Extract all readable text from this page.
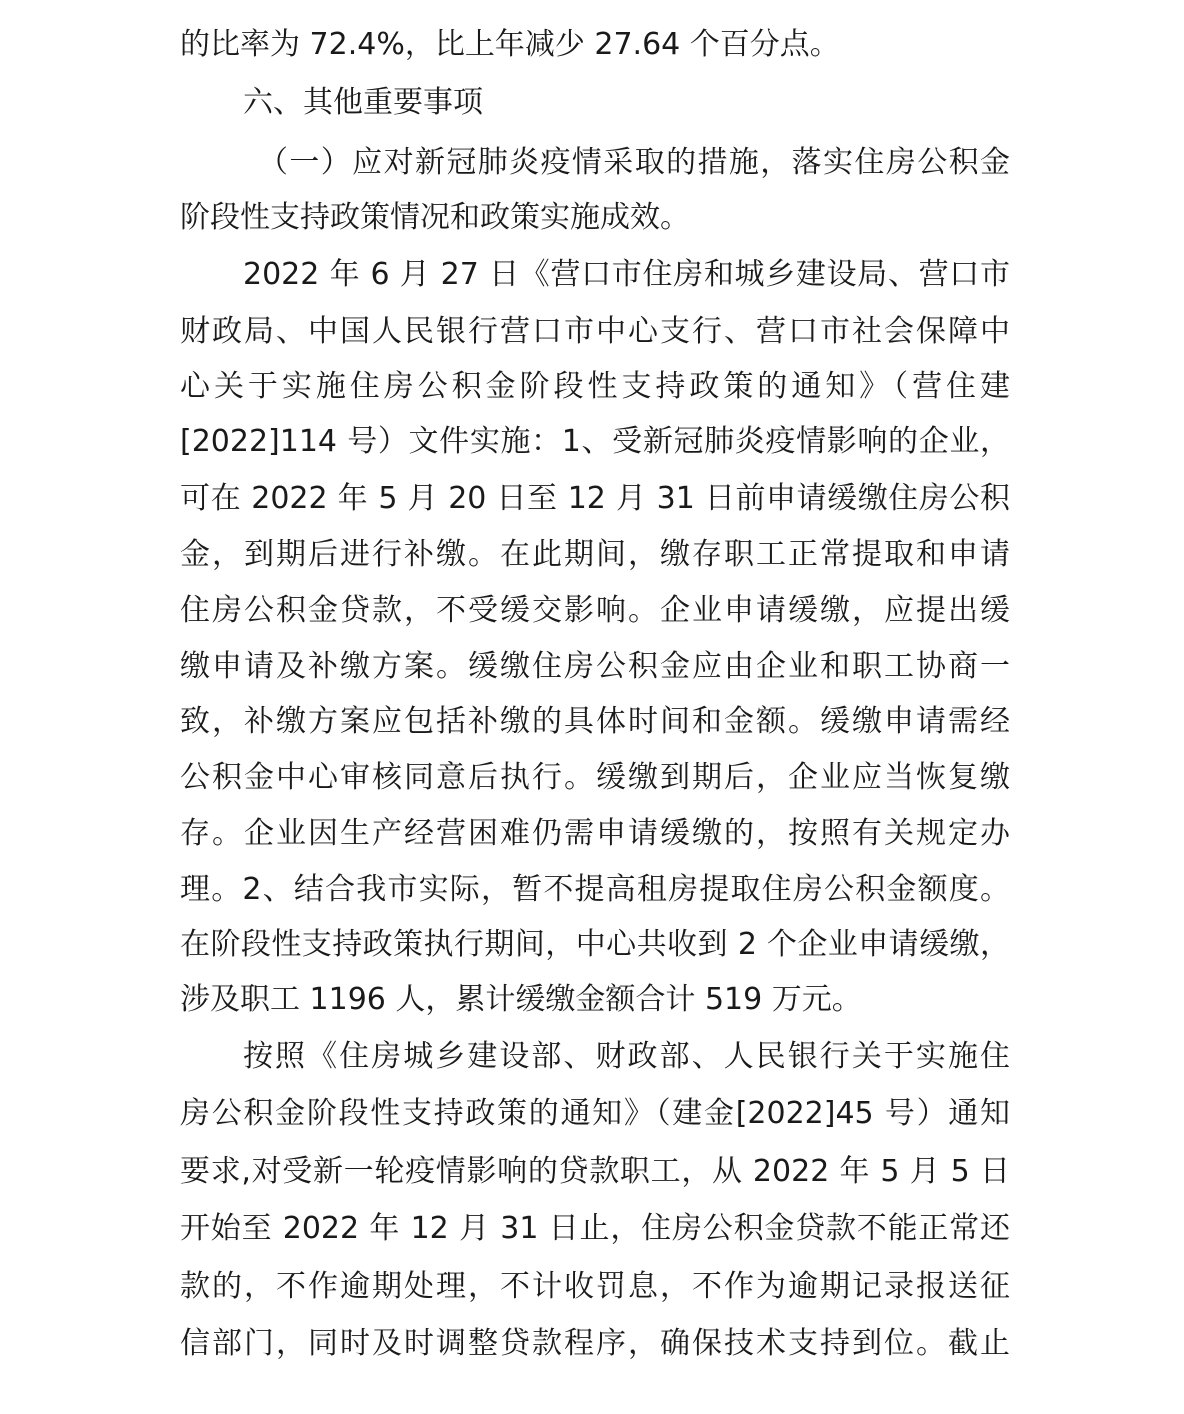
的比率为 72.4%，比上年减少 27.64 个百分点。
六、其他重要事项
（一）应对新冠肺炎疫情采取的措施，落实住房公积金
阶段性支持政策情况和政策实施成效。
2022 年 6 月 27 日《营口市住房和城乡建设局、营口市
财政局、中国人民银行营口市中心支行、营口市社会保障中
心关于实施住房公积金阶段性支持政策的通知》（营住建
[2022]114 号）文件实施：1、受新冠肺炎疫情影响的企业，
可在 2022 年 5 月 20 日至 12 月 31 日前申请缓缴住房公积
金，到期后进行补缴。在此期间，缴存职工正常提取和申请
住房公积金贷款，不受缓交影响。企业申请缓缴，应提出缓
缴申请及补缴方案。缓缴住房公积金应由企业和职工协商一
致，补缴方案应包括补缴的具体时间和金额。缓缴申请需经
公积金中心审核同意后执行。缓缴到期后，企业应当恢复缴
存。企业因生产经营困难仍需申请缓缴的，按照有关规定办
理。2、结合我市实际，暂不提高租房提取住房公积金额度。
在阶段性支持政策执行期间，中心共收到 2 个企业申请缓缴，
涉及职工 1196 人，累计缓缴金额合计 519 万元。
按照《住房城乡建设部、财政部、人民银行关于实施住
房公积金阶段性支持政策的通知》（建金[2022]45 号）通知
要求,对受新一轮疫情影响的贷款职工，从 2022 年 5 月 5 日
开始至 2022 年 12 月 31 日止，住房公积金贷款不能正常还
款的，不作逾期处理，不计收罚息，不作为逾期记录报送征
信部门，同时及时调整贷款程序，确保技术支持到位。截止
